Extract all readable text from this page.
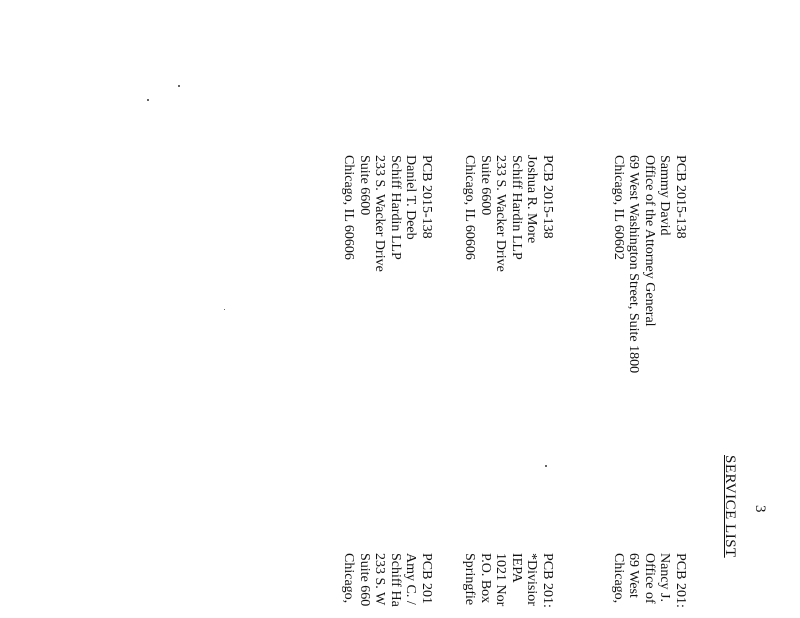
3

SERVICE LIST
PCB 2015-138
Sammy David
Office of the Attorney General
69 West Washington Street, Suite 1800
Chicago, IL 60602
PCB 2015-138
Joshua R. More
Schiff Hardin LLP
233 S. Wacker Drive
Suite 6600
Chicago, IL 60606
PCB 2015-138
Daniel T. Deeb
Schiff Hardin LLP
233 S. Wacker Drive
Suite 6600
Chicago, IL 60606
PCB 201:
Nancy J.
Office of
69 West
Chicago,
PCB 201:
*Divisior
IEPA
1021 Nor
P.O. Box
Springfie
PCB 201
Amy C. /
Schiff Ha
233 S. W
Suite 660
Chicago,
